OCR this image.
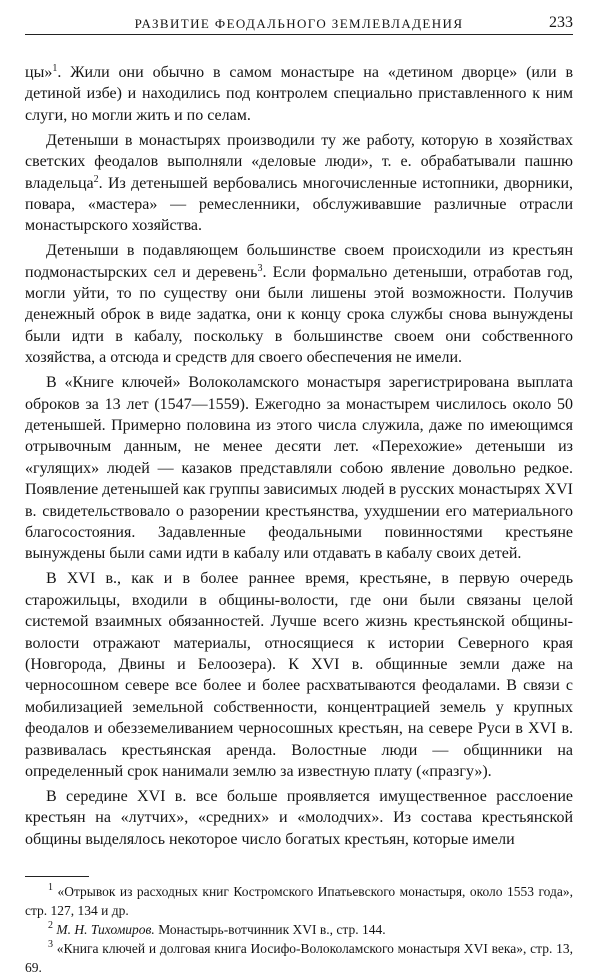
РАЗВИТИЕ ФЕОДАЛЬНОГО ЗЕМЛЕВЛАДЕНИЯ	233

цы»$^1$. Жили они обычно в самом монастыре на «детином дворце» (или в детиной избе) и находились под контролем специально приставленного к ним слуги, но могли жить и по селам.

Детеныши в монастырях производили ту же работу, которую в хозяйствах светских феодалов выполняли «деловые люди», т. е. обрабатывали пашню владельца$^2$. Из детенышей вербовались многочисленные истопники, дворники, повара, «мастера» — ремесленники, обслуживавшие различные отрасли монастырского хозяйства.

Детеныши в подавляющем большинстве своем происходили из крестьян подмонастырских сел и деревень$^3$. Если формально детеныши, отработав год, могли уйти, то по существу они были лишены этой возможности. Получив денежный оброк в виде задатка, они к концу срока службы снова вынуждены были идти в кабалу, поскольку в большинстве своем они собственного хозяйства, а отсюда и средств для своего обеспечения не имели.

В «Книге ключей» Волоколамского монастыря зарегистрирована выплата оброков за 13 лет (1547—1559). Ежегодно за монастырем числилось около 50 детенышей. Примерно половина из этого числа служила, даже по имеющимся отрывочным данным, не менее десяти лет. «Перехожие» детеныши из «гулящих» людей — казаков представляли собою явление довольно редкое. Появление детенышей как группы зависимых людей в русских монастырях XVI в. свидетельствовало о разорении крестьянства, ухудшении его материального благосостояния. Задавленные феодальными повинностями крестьяне вынуждены были сами идти в кабалу или отдавать в кабалу своих детей.

В XVI в., как и в более раннее время, крестьяне, в первую очередь старожильцы, входили в общины-волости, где они были связаны целой системой взаимных обязанностей. Лучше всего жизнь крестьянской общины-волости отражают материалы, относящиеся к истории Северного края (Новгорода, Двины и Белоозера). К XVI в. общинные земли даже на черносошном севере все более и более расхватываются феодалами. В связи с мобилизацией земельной собственности, концентрацией земель у крупных феодалов и обезземеливанием черносошных крестьян, на севере Руси в XVI в. развивалась крестьянская аренда. Волостные люди — общинники на определенный срок нанимали землю за известную плату («празгу»).

В середине XVI в. все больше проявляется имущественное расслоение крестьян на «лутчих», «средних» и «молодчих». Из состава крестьянской общины выделялось некоторое число богатых крестьян, которые имели

$^1$ «Отрывок из расходных книг Костромского Ипатьевского монастыря, около 1553 года», стр. 127, 134 и др.

$^2$ М. Н. Тихомиров. Монастырь-вотчинник XVI в., стр. 144.

$^3$ «Книга ключей и долговая книга Иосифо-Волоколамского монастыря XVI века», стр. 13, 69.
